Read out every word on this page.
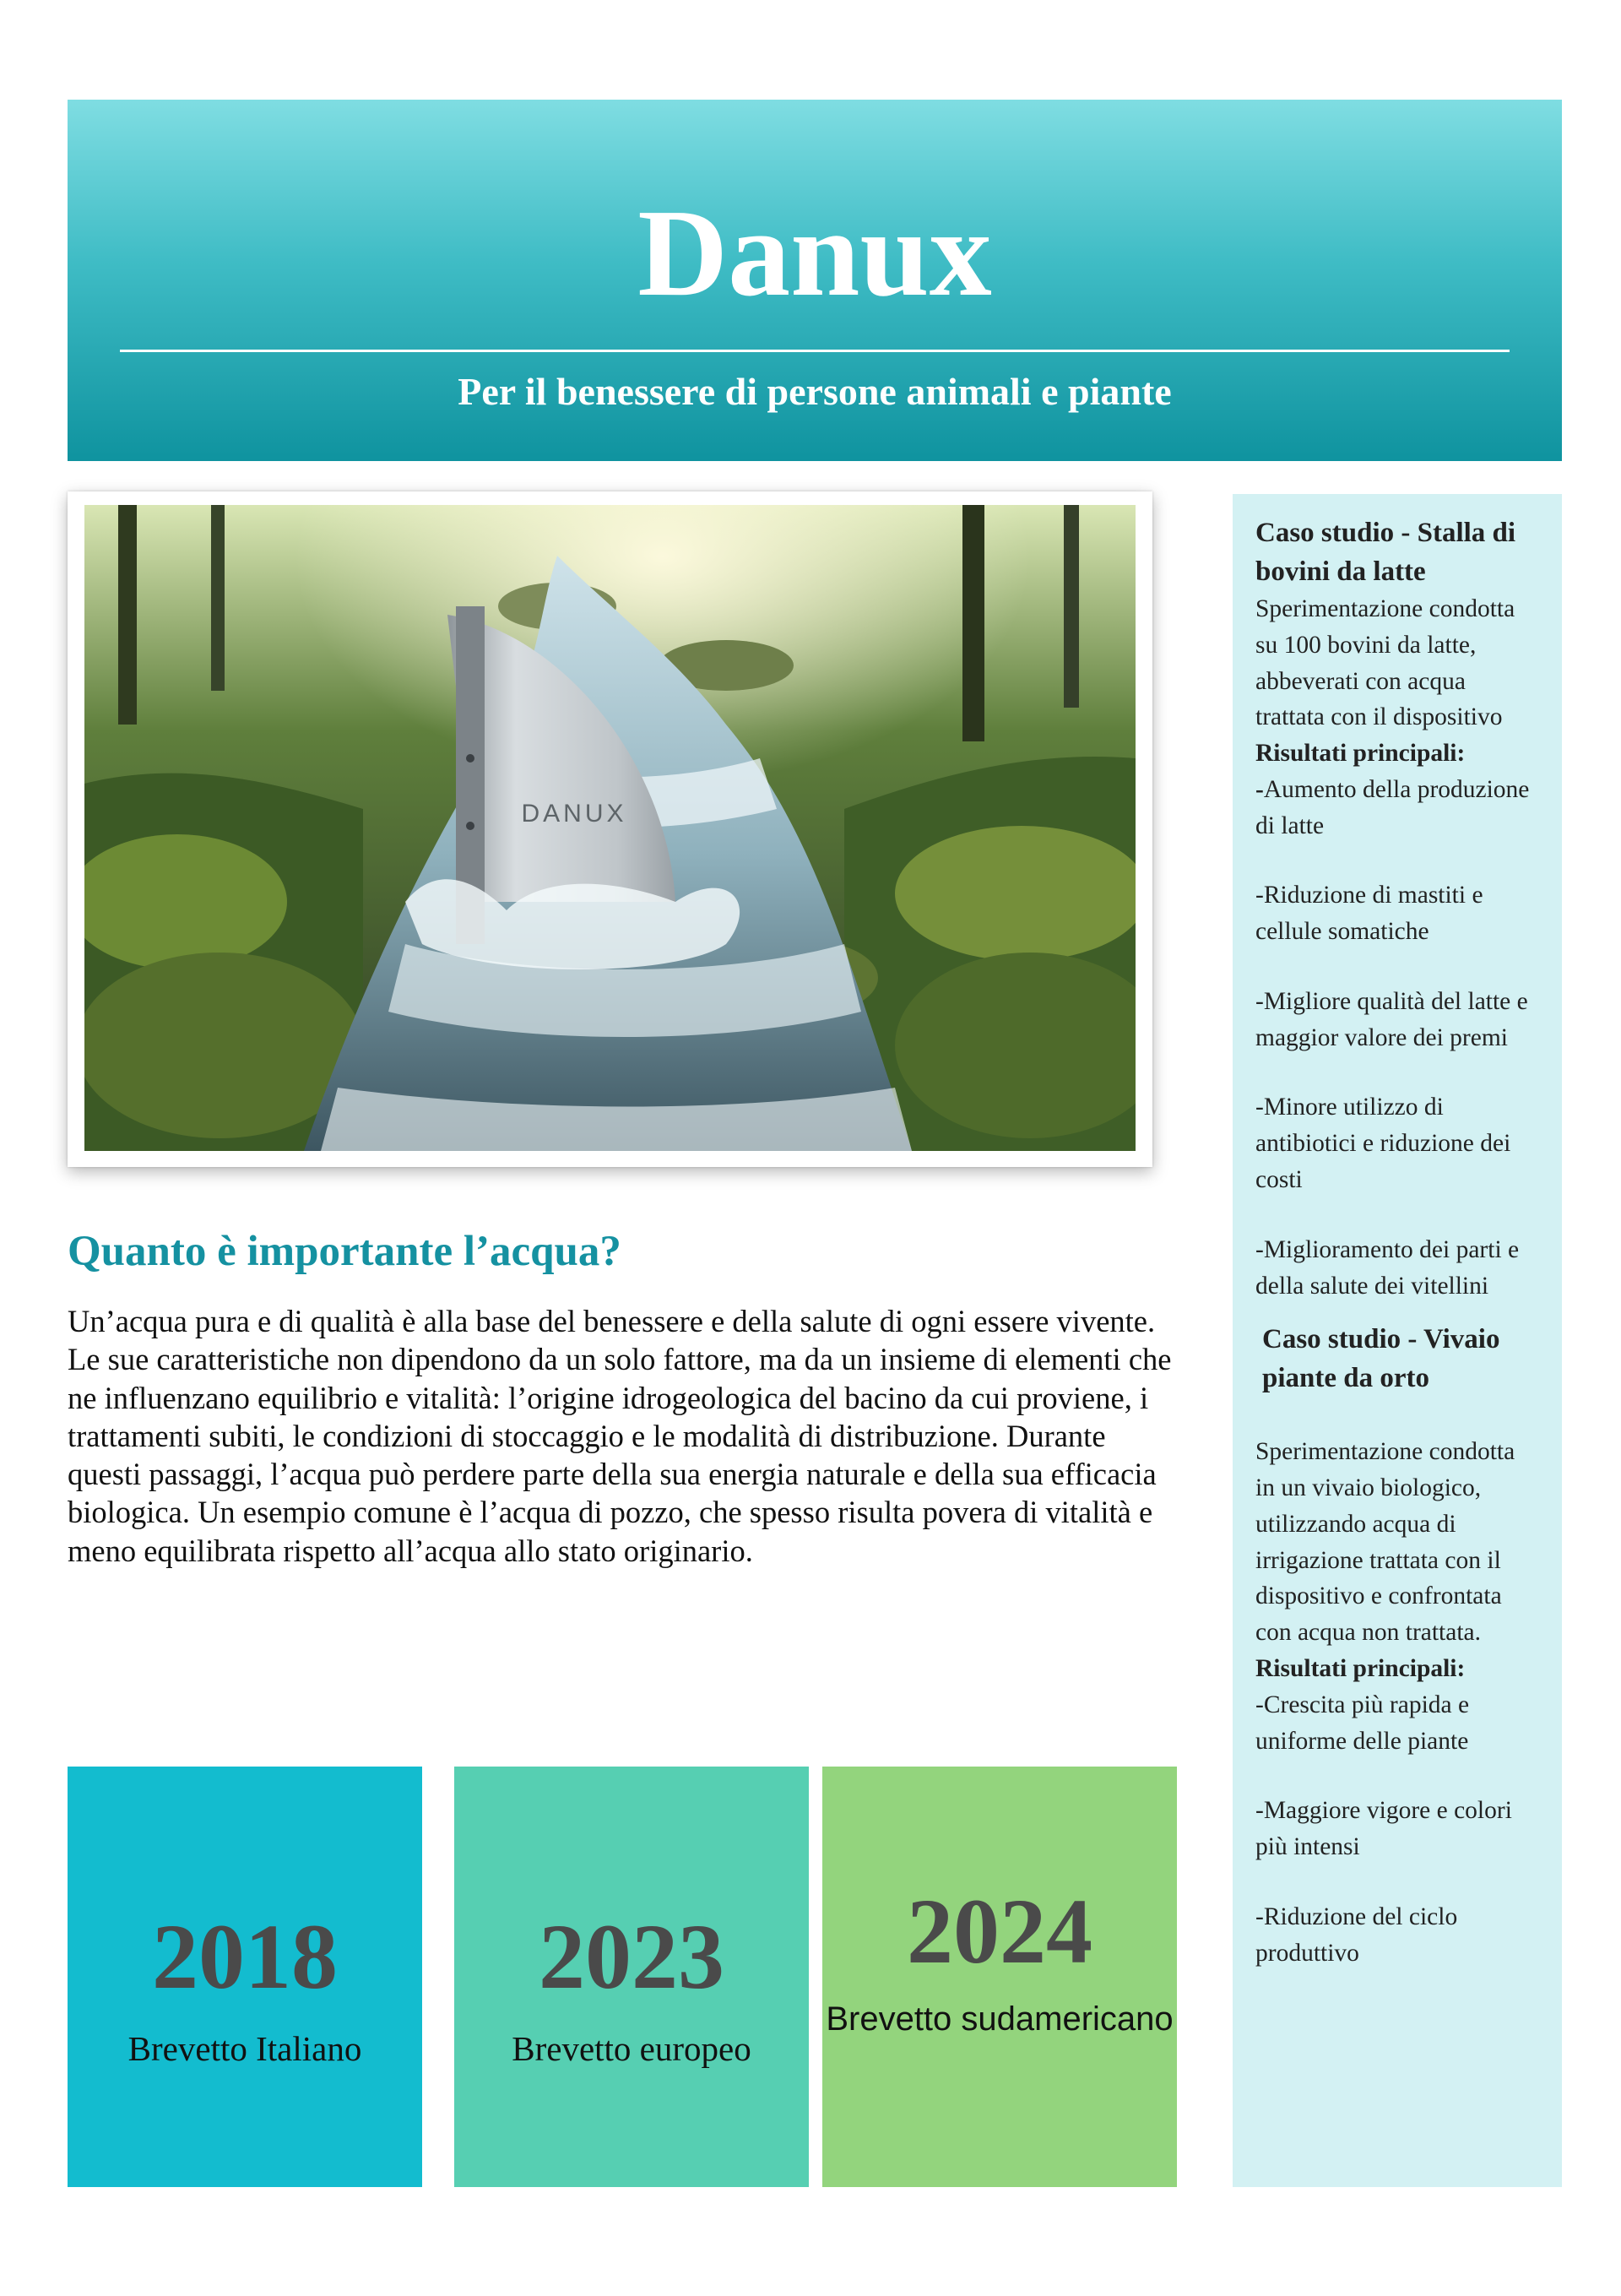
Danux
Per il benessere di persone animali e piante
DANUX
Quanto è importante l’acqua?

Un’acqua pura e di qualità è alla base del benessere e della salute di ogni essere vivente.

Le sue caratteristiche non dipendono da un solo fattore, ma da un insieme di elementi che ne influenzano equilibrio e vitalità: l’origine idrogeologica del bacino da cui proviene, i trattamenti subiti, le condizioni di stoccaggio e le modalità di distribuzione. Durante questi passaggi, l’acqua può perdere parte della sua energia naturale e della sua efficacia biologica. Un esempio comune è l’acqua di pozzo, che spesso risulta povera di vitalità e meno equilibrata rispetto all’acqua allo stato originario.

2018
Brevetto Italiano
2023
Brevetto europeo
2024
Brevetto sudamericano

Caso studio - Stalla di bovini da latte

Sperimentazione condotta su 100 bovini da latte, abbeverati con acqua trattata con il dispositivo

Risultati principali:

-Aumento della produzione di latte

-Riduzione di mastiti e cellule somatiche

-Migliore qualità del latte e maggior valore dei premi

-Minore utilizzo di antibiotici e riduzione dei costi

-Miglioramento dei parti e della salute dei vitellini

Caso studio - Vivaio piante da orto

Sperimentazione condotta in un vivaio biologico, utilizzando acqua di irrigazione trattata con il dispositivo e confrontata con acqua non trattata.

Risultati principali:

-Crescita più rapida e uniforme delle piante

-Maggiore vigore e colori più intensi

-Riduzione del ciclo produttivo
